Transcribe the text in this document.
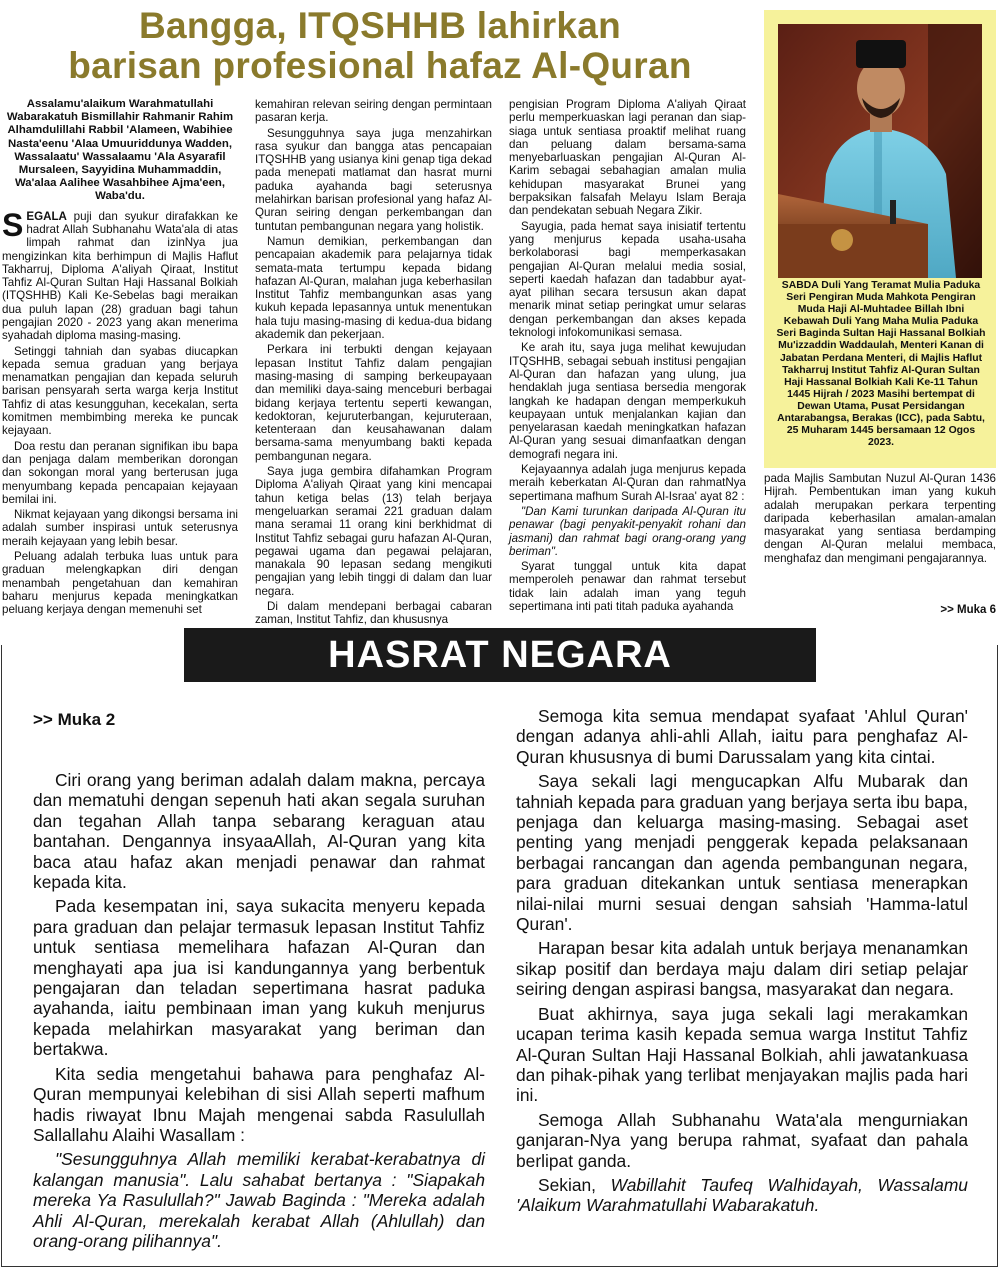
Bangga, ITQSHHB lahirkan
barisan profesional hafaz Al-Quran
Assalamu'alaikum Warahmatullahi Wabarakatuh Bismillahir Rahmanir Rahim Alhamdulillahi Rabbil 'Alameen, Wabihiee Nasta'eenu 'Alaa Umuuriddunya Wadden, Wassalaatu' Wassalaamu 'Ala Asyarafil Mursaleen, Sayyidina Muhammaddin, Wa'alaa Aalihee Wasahbihee Ajma'een, Waba'du.

SEGALA puji dan syukur dirafakkan ke hadrat Allah Subhanahu Wata'ala di atas limpah rahmat dan izinNya jua mengizinkan kita berhimpun di Majlis Haflut Takharruj, Diploma A'aliyah Qiraat, Institut Tahfiz Al-Quran Sultan Haji Hassanal Bolkiah (ITQSHHB) Kali Ke-Sebelas bagi meraikan dua puluh lapan (28) graduan bagi tahun pengajian 2020 - 2023 yang akan menerima syahadah diploma masing-masing.

Setinggi tahniah dan syabas diucapkan kepada semua graduan yang berjaya menamatkan pengajian dan kepada seluruh barisan pensyarah serta warga kerja Institut Tahfiz di atas kesungguhan, kecekalan, serta komitmen membimbing mereka ke puncak kejayaan.

Doa restu dan peranan signifikan ibu bapa dan penjaga dalam memberikan dorongan dan sokongan moral yang berterusan juga menyumbang kepada pencapaian kejayaan bemilai ini.

Nikmat kejayaan yang dikongsi bersama ini adalah sumber inspirasi untuk seterusnya meraih kejayaan yang lebih besar.

Peluang adalah terbuka luas untuk para graduan melengkapkan diri dengan menambah pengetahuan dan kemahiran baharu menjurus kepada meningkatkan peluang kerjaya dengan memenuhi set

kemahiran relevan seiring dengan permintaan pasaran kerja.

Sesungguhnya saya juga menzahirkan rasa syukur dan bangga atas pencapaian ITQSHHB yang usianya kini genap tiga dekad pada menepati matlamat dan hasrat murni paduka ayahanda bagi seterusnya melahirkan barisan profesional yang hafaz Al-Quran seiring dengan perkembangan dan tuntutan pembangunan negara yang holistik.

Namun demikian, perkembangan dan pencapaian akademik para pelajarnya tidak semata-mata tertumpu kepada bidang hafazan Al-Quran, malahan juga keberhasilan Institut Tahfiz membangunkan asas yang kukuh kepada lepasannya untuk menentukan hala tuju masing-masing di kedua-dua bidang akademik dan pekerjaan.

Perkara ini terbukti dengan kejayaan lepasan Institut Tahfiz dalam pengajian masing-masing di samping berkeupayaan dan memiliki daya-saing menceburi berbagai bidang kerjaya tertentu seperti kewangan, kedoktoran, kejuruterbangan, kejuruteraan, ketenteraan dan keusahawanan dalam bersama-sama menyumbang bakti kepada pembangunan negara.

Saya juga gembira difahamkan Program Diploma A'aliyah Qiraat yang kini mencapai tahun ketiga belas (13) telah berjaya mengeluarkan seramai 221 graduan dalam mana seramai 11 orang kini berkhidmat di Institut Tahfiz sebagai guru hafazan Al-Quran, pegawai ugama dan pegawai pelajaran, manakala 90 lepasan sedang mengikuti pengajian yang lebih tinggi di dalam dan luar negara.

Di dalam mendepani berbagai cabaran zaman, Institut Tahfiz, dan khususnya

pengisian Program Diploma A'aliyah Qiraat perlu memperkuaskan lagi peranan dan siap-siaga untuk sentiasa proaktif melihat ruang dan peluang dalam bersama-sama menyebarluaskan pengajian Al-Quran Al-Karim sebagai sebahagian amalan mulia kehidupan masyarakat Brunei yang berpaksikan falsafah Melayu Islam Beraja dan pendekatan sebuah Negara Zikir.

Sayugia, pada hemat saya inisiatif tertentu yang menjurus kepada usaha-usaha berkolaborasi bagi memperkasakan pengajian Al-Quran melalui media sosial, seperti kaedah hafazan dan tadabbur ayat-ayat pilihan secara tersusun akan dapat menarik minat setiap peringkat umur selaras dengan perkembangan dan akses kepada teknologi infokomunikasi semasa.

Ke arah itu, saya juga melihat kewujudan ITQSHHB, sebagai sebuah institusi pengajian Al-Quran dan hafazan yang ulung, jua hendaklah juga sentiasa bersedia mengorak langkah ke hadapan dengan memperkukuh keupayaan untuk menjalankan kajian dan penyelarasan kaedah meningkatkan hafazan Al-Quran yang sesuai dimanfaatkan dengan demografi negara ini.

Kejayaannya adalah juga menjurus kepada meraih keberkatan Al-Quran dan rahmatNya sepertimana mafhum Surah Al-Israa' ayat 82 :

"Dan Kami turunkan daripada Al-Quran itu penawar (bagi penyakit-penyakit rohani dan jasmani) dan rahmat bagi orang-orang yang beriman".

Syarat tunggal untuk kita dapat memperoleh penawar dan rahmat tersebut tidak lain adalah iman yang teguh sepertimana inti pati titah paduka ayahanda

SABDA Duli Yang Teramat Mulia Paduka Seri Pengiran Muda Mahkota Pengiran Muda Haji Al-Muhtadee Billah Ibni Kebawah Duli Yang Maha Mulia Paduka Seri Baginda Sultan Haji Hassanal Bolkiah Mu'izzaddin Waddaulah, Menteri Kanan di Jabatan Perdana Menteri, di Majlis Haflut Takharruj Institut Tahfiz Al-Quran Sultan Haji Hassanal Bolkiah Kali Ke-11 Tahun 1445 Hijrah / 2023 Masihi bertempat di Dewan Utama, Pusat Persidangan Antarabangsa, Berakas (ICC), pada Sabtu, 25 Muharam 1445 bersamaan 12 Ogos 2023.

pada Majlis Sambutan Nuzul Al-Quran 1436 Hijrah. Pembentukan iman yang kukuh adalah merupakan perkara terpenting daripada keberhasilan amalan-amalan masyarakat yang sentiasa berdamping dengan Al-Quran melalui membaca, menghafaz dan mengimani pengajarannya.

>> Muka 6
HASRAT NEGARA
>> Muka 2

Ciri orang yang beriman adalah dalam makna, percaya dan mematuhi dengan sepenuh hati akan segala suruhan dan tegahan Allah tanpa sebarang keraguan atau bantahan. Dengannya insyaaAllah, Al-Quran yang kita baca atau hafaz akan menjadi penawar dan rahmat kepada kita.

Pada kesempatan ini, saya sukacita menyeru kepada para graduan dan pelajar termasuk lepasan Institut Tahfiz untuk sentiasa memelihara hafazan Al-Quran dan menghayati apa jua isi kandungannya yang berbentuk pengajaran dan teladan sepertimana hasrat paduka ayahanda, iaitu pembinaan iman yang kukuh menjurus kepada melahirkan masyarakat yang beriman dan bertakwa.

Kita sedia mengetahui bahawa para penghafaz Al-Quran mempunyai kelebihan di sisi Allah seperti mafhum hadis riwayat Ibnu Majah mengenai sabda Rasulullah Sallallahu Alaihi Wasallam :

"Sesungguhnya Allah memiliki kerabat-kerabatnya di kalangan manusia". Lalu sahabat bertanya : "Siapakah mereka Ya Rasulullah?" Jawab Baginda : "Mereka adalah Ahli Al-Quran, merekalah kerabat Allah (Ahlullah) dan orang-orang pilihannya".

Semoga kita semua mendapat syafaat 'Ahlul Quran' dengan adanya ahli-ahli Allah, iaitu para penghafaz Al-Quran khususnya di bumi Darussalam yang kita cintai.

Saya sekali lagi mengucapkan Alfu Mubarak dan tahniah kepada para graduan yang berjaya serta ibu bapa, penjaga dan keluarga masing-masing. Sebagai aset penting yang menjadi penggerak kepada pelaksanaan berbagai rancangan dan agenda pembangunan negara, para graduan ditekankan untuk sentiasa menerapkan nilai-nilai murni sesuai dengan sahsiah 'Hamma-latul Quran'.

Harapan besar kita adalah untuk berjaya menanamkan sikap positif dan berdaya maju dalam diri setiap pelajar seiring dengan aspirasi bangsa, masyarakat dan negara.

Buat akhirnya, saya juga sekali lagi merakamkan ucapan terima kasih kepada semua warga Institut Tahfiz Al-Quran Sultan Haji Hassanal Bolkiah, ahli jawatankuasa dan pihak-pihak yang terlibat menjayakan majlis pada hari ini.

Semoga Allah Subhanahu Wata'ala mengurniakan ganjaran-Nya yang berupa rahmat, syafaat dan pahala berlipat ganda.

Sekian, Wabillahit Taufeq Walhidayah, Wassalamu 'Alaikum Warahmatullahi Wabarakatuh.
